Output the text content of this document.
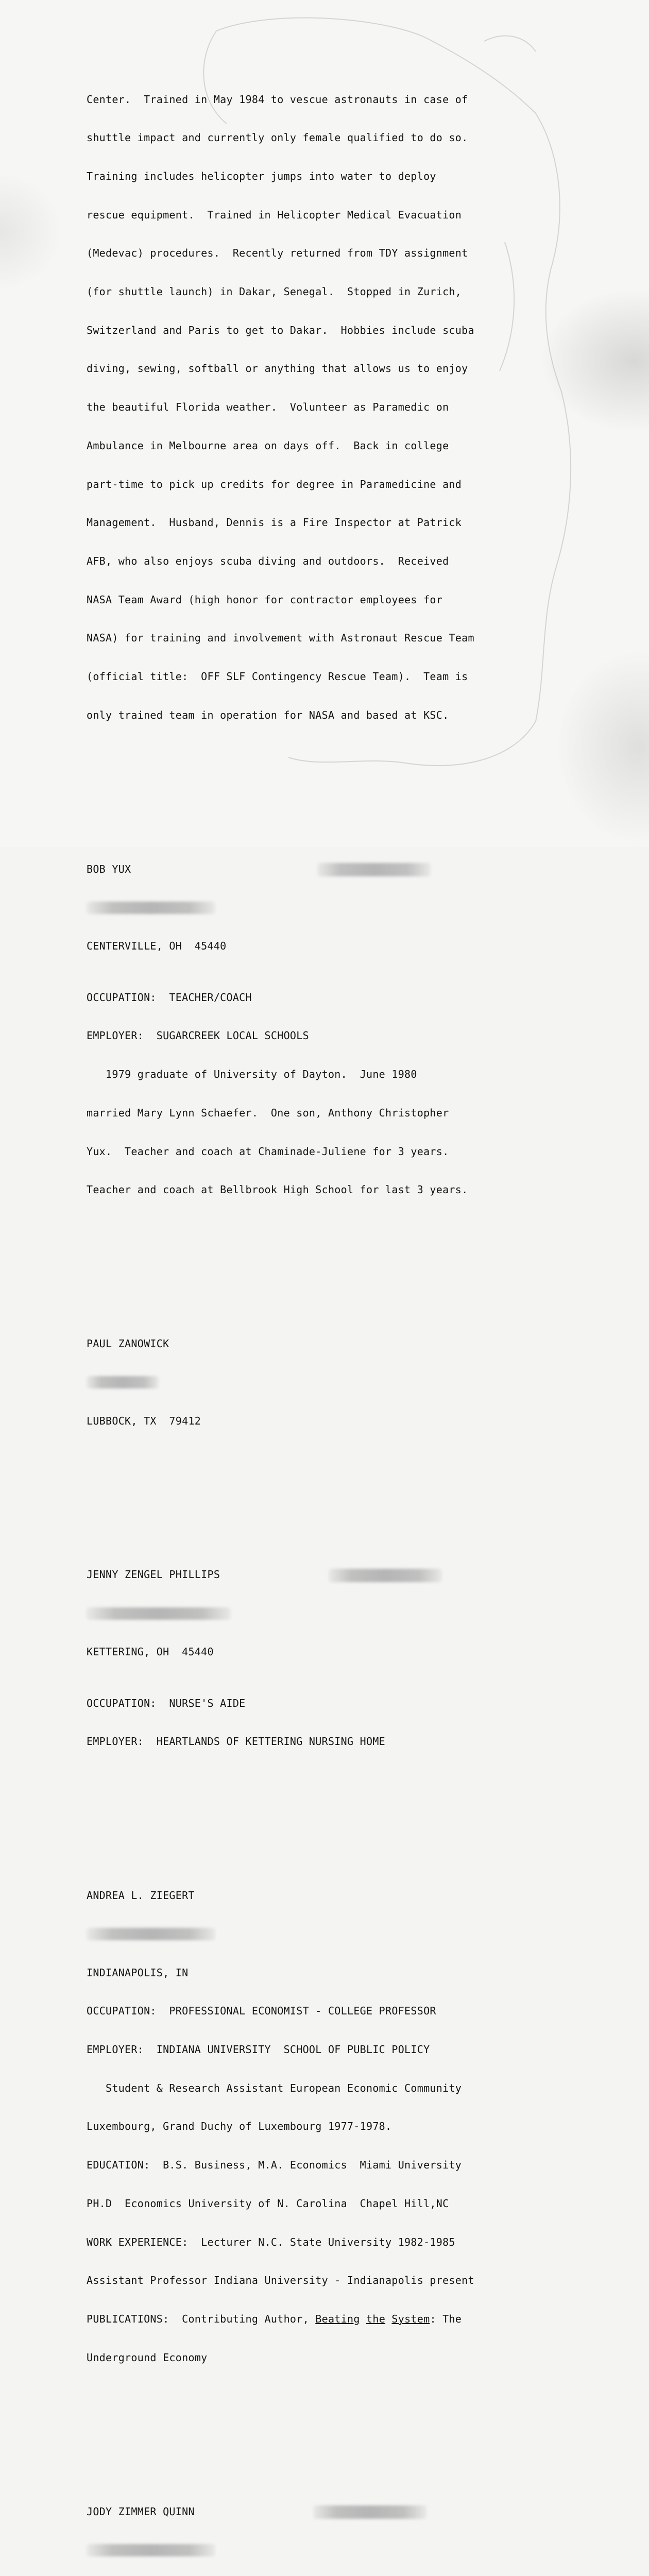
Center.  Trained in May 1984 to vescue astronauts in case of

shuttle impact and currently only female qualified to do so.

Training includes helicopter jumps into water to deploy

rescue equipment.  Trained in Helicopter Medical Evacuation

(Medevac) procedures.  Recently returned from TDY assignment

(for shuttle launch) in Dakar, Senegal.  Stopped in Zurich,

Switzerland and Paris to get to Dakar.  Hobbies include scuba

diving, sewing, softball or anything that allows us to enjoy

the beautiful Florida weather.  Volunteer as Paramedic on

Ambulance in Melbourne area on days off.  Back in college

part-time to pick up credits for degree in Paramedicine and

Management.  Husband, Dennis is a Fire Inspector at Patrick

AFB, who also enjoys scuba diving and outdoors.  Received

NASA Team Award (high honor for contractor employees for

NASA) for training and involvement with Astronaut Rescue Team

(official title:  OFF SLF Contingency Rescue Team).  Team is

only trained team in operation for NASA and based at KSC.

BOB YUX

CENTERVILLE, OH  45440

OCCUPATION:  TEACHER/COACH

EMPLOYER:  SUGARCREEK LOCAL SCHOOLS

1979 graduate of University of Dayton.  June 1980

married Mary Lynn Schaefer.  One son, Anthony Christopher

Yux.  Teacher and coach at Chaminade-Juliene for 3 years.

Teacher and coach at Bellbrook High School for last 3 years.

PAUL ZANOWICK

LUBBOCK, TX  79412

JENNY ZENGEL PHILLIPS

KETTERING, OH  45440

OCCUPATION:  NURSE'S AIDE

EMPLOYER:  HEARTLANDS OF KETTERING NURSING HOME

ANDREA L. ZIEGERT

INDIANAPOLIS, IN

OCCUPATION:  PROFESSIONAL ECONOMIST - COLLEGE PROFESSOR

EMPLOYER:  INDIANA UNIVERSITY  SCHOOL OF PUBLIC POLICY

Student & Research Assistant European Economic Community

Luxembourg, Grand Duchy of Luxembourg 1977-1978.

EDUCATION:  B.S. Business, M.A. Economics  Miami University

PH.D  Economics University of N. Carolina  Chapel Hill,NC

WORK EXPERIENCE:  Lecturer N.C. State University 1982-1985

Assistant Professor Indiana University - Indianapolis present

PUBLICATIONS:  Contributing Author, Beating the System: The

Underground Economy

JODY ZIMMER QUINN
